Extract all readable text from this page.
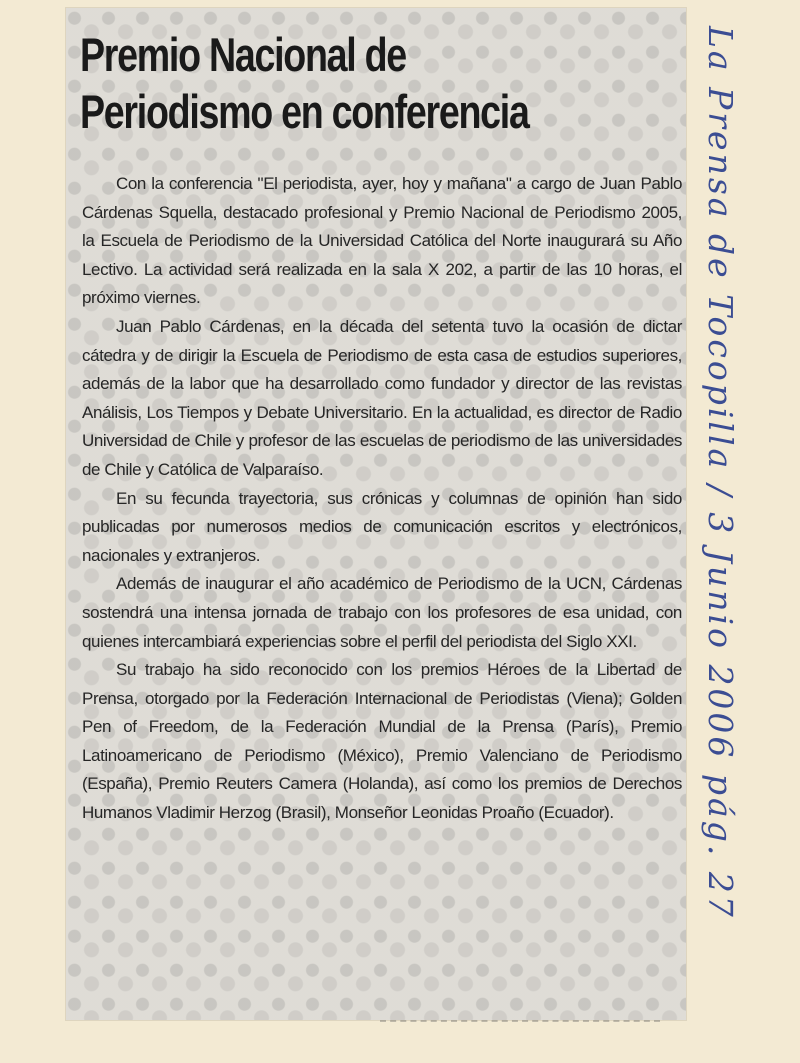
Premio Nacional de
Periodismo en conferencia

Con la conferencia "El periodista, ayer, hoy y mañana" a cargo de Juan Pablo Cárdenas Squella, destacado profesional y Premio Nacional de Periodismo 2005, la Escuela de Periodismo de la Universidad Católica del Norte inaugurará su Año Lectivo. La actividad será realizada en la sala X 202, a partir de las 10 horas, el próximo viernes.

Juan Pablo Cárdenas, en la década del setenta tuvo la ocasión de dictar cátedra y de dirigir la Escuela de Periodismo de esta casa de estudios superiores, además de la labor que ha desarrollado como fundador y director de las revistas Análisis, Los Tiempos y Debate Universitario. En la actualidad, es director de Radio Universidad de Chile y profesor de las escuelas de periodismo de las universidades de Chile y Católica de Valparaíso.

En su fecunda trayectoria, sus crónicas y columnas de opinión han sido publicadas por numerosos medios de comunicación escritos y electrónicos, nacionales y extranjeros.

Además de inaugurar el año académico de Periodismo de la UCN, Cárdenas sostendrá una intensa jornada de trabajo con los profesores de esa unidad, con quienes intercambiará experiencias sobre el perfil del periodista del Siglo XXI.

Su trabajo ha sido reconocido con los premios Héroes de la Libertad de Prensa, otorgado por la Federación Internacional de Periodistas (Viena); Golden Pen of Freedom, de la Federación Mundial de la Prensa (París), Premio Latinoamericano de Periodismo (México), Premio Valenciano de Periodismo (España), Premio Reuters Camera (Holanda), así como los premios de Derechos Humanos Vladimir Herzog (Brasil), Monseñor Leonidas Proaño (Ecuador).	La Prensa de Tocopilla / 3 Junio 2006 pág. 27
